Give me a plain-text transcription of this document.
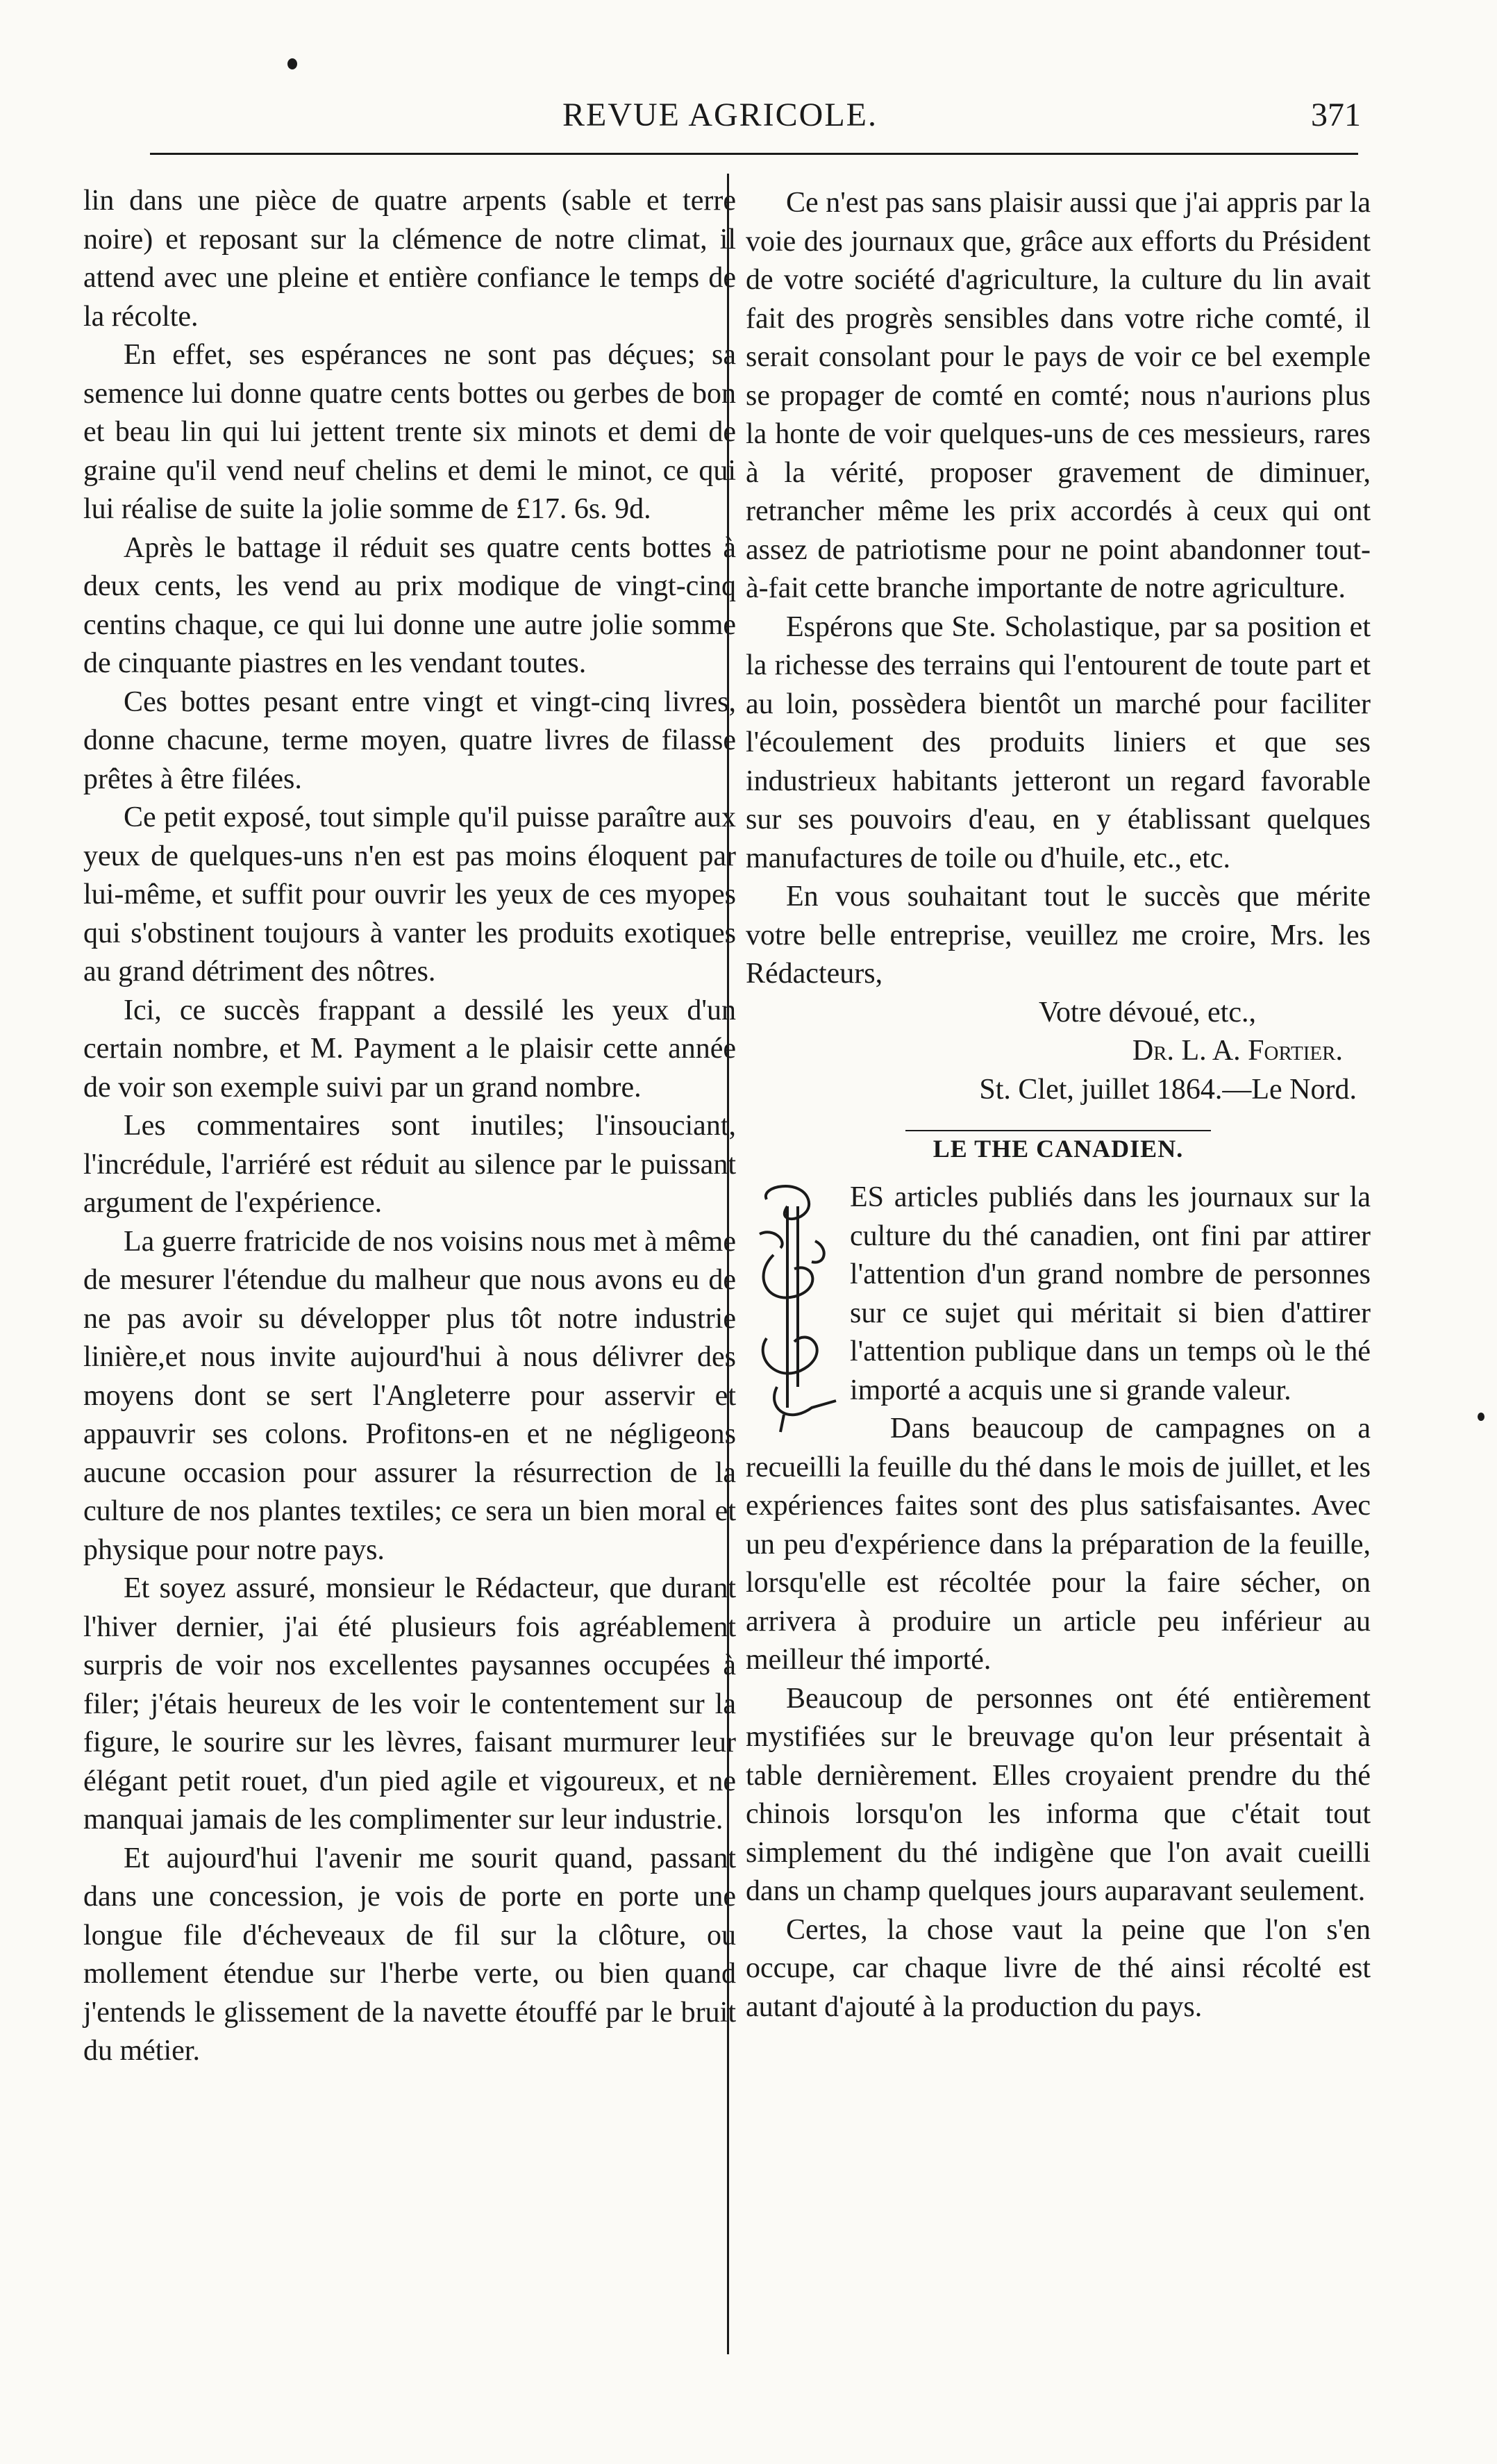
REVUE AGRICOLE.	371

lin dans une pièce de quatre arpents (sable et terre noire) et reposant sur la clémence de notre climat, il attend avec une pleine et entière confiance le temps de la récolte.

En effet, ses espérances ne sont pas déçues; sa semence lui donne quatre cents bottes ou gerbes de bon et beau lin qui lui jettent trente six minots et demi de graine qu'il vend neuf chelins et demi le minot, ce qui lui réalise de suite la jolie somme de £17. 6s. 9d.

Après le battage il réduit ses quatre cents bottes à deux cents, les vend au prix modique de vingt-cinq centins chaque, ce qui lui donne une autre jolie somme de cinquante piastres en les vendant toutes.

Ces bottes pesant entre vingt et vingt-cinq livres, donne chacune, terme moyen, quatre livres de filasse prêtes à être filées.

Ce petit exposé, tout simple qu'il puisse paraître aux yeux de quelques-uns n'en est pas moins éloquent par lui-même, et suffit pour ouvrir les yeux de ces myopes qui s'obstinent toujours à vanter les produits exotiques au grand détriment des nôtres.

Ici, ce succès frappant a dessilé les yeux d'un certain nombre, et M. Payment a le plaisir cette année de voir son exemple suivi par un grand nombre.

Les commentaires sont inutiles; l'insouciant, l'incrédule, l'arriéré est réduit au silence par le puissant argument de l'expérience.

La guerre fratricide de nos voisins nous met à même de mesurer l'étendue du malheur que nous avons eu de ne pas avoir su développer plus tôt notre industrie linière,et nous invite aujourd'hui à nous délivrer des moyens dont se sert l'Angleterre pour asservir et appauvrir ses colons. Profitons-en et ne négligeons aucune occasion pour assurer la résurrection de la culture de nos plantes textiles; ce sera un bien moral et physique pour notre pays.

Et soyez assuré, monsieur le Rédacteur, que durant l'hiver dernier, j'ai été plusieurs fois agréablement surpris de voir nos excellentes paysannes occupées à filer; j'étais heureux de les voir le contentement sur la figure, le sourire sur les lèvres, faisant murmurer leur élégant petit rouet, d'un pied agile et vigoureux, et ne manquai jamais de les complimenter sur leur industrie.

Et aujourd'hui l'avenir me sourit quand, passant dans une concession, je vois de porte en porte une longue file d'écheveaux de fil sur la clôture, ou mollement étendue sur l'herbe verte, ou bien quand j'entends le glissement de la navette étouffé par le bruit du métier.

Ce n'est pas sans plaisir aussi que j'ai appris par la voie des journaux que, grâce aux efforts du Président de votre société d'agriculture, la culture du lin avait fait des progrès sensibles dans votre riche comté, il serait consolant pour le pays de voir ce bel exemple se propager de comté en comté; nous n'aurions plus la honte de voir quelques-uns de ces messieurs, rares à la vérité, proposer gravement de diminuer, retrancher même les prix accordés à ceux qui ont assez de patriotisme pour ne point abandonner tout-à-fait cette branche importante de notre agriculture.

Espérons que Ste. Scholastique, par sa position et la richesse des terrains qui l'entourent de toute part et au loin, possèdera bientôt un marché pour faciliter l'écoulement des produits liniers et que ses industrieux habitants jetteront un regard favorable sur ses pouvoirs d'eau, en y établissant quelques manufactures de toile ou d'huile, etc., etc.

En vous souhaitant tout le succès que mérite votre belle entreprise, veuillez me croire, Mrs. les Rédacteurs,

Votre dévoué, etc.,
Dr. L. A. Fortier.
St. Clet, juillet 1864.—Le Nord.
LE THE CANADIEN.

ES articles publiés dans les journaux sur la culture du thé canadien, ont fini par attirer l'attention d'un grand nombre de personnes sur ce sujet qui méritait si bien d'attirer l'attention publique dans un temps où le thé importé a acquis une si grande valeur.

Dans beaucoup de campagnes on a recueilli la feuille du thé dans le mois de juillet, et les expériences faites sont des plus satisfaisantes. Avec un peu d'expérience dans la préparation de la feuille, lorsqu'elle est récoltée pour la faire sécher, on arrivera à produire un article peu inférieur au meilleur thé importé.

Beaucoup de personnes ont été entièrement mystifiées sur le breuvage qu'on leur présentait à table dernièrement. Elles croyaient prendre du thé chinois lorsqu'on les informa que c'était tout simplement du thé indigène que l'on avait cueilli dans un champ quelques jours auparavant seulement.

Certes, la chose vaut la peine que l'on s'en occupe, car chaque livre de thé ainsi récolté est autant d'ajouté à la production du pays.
